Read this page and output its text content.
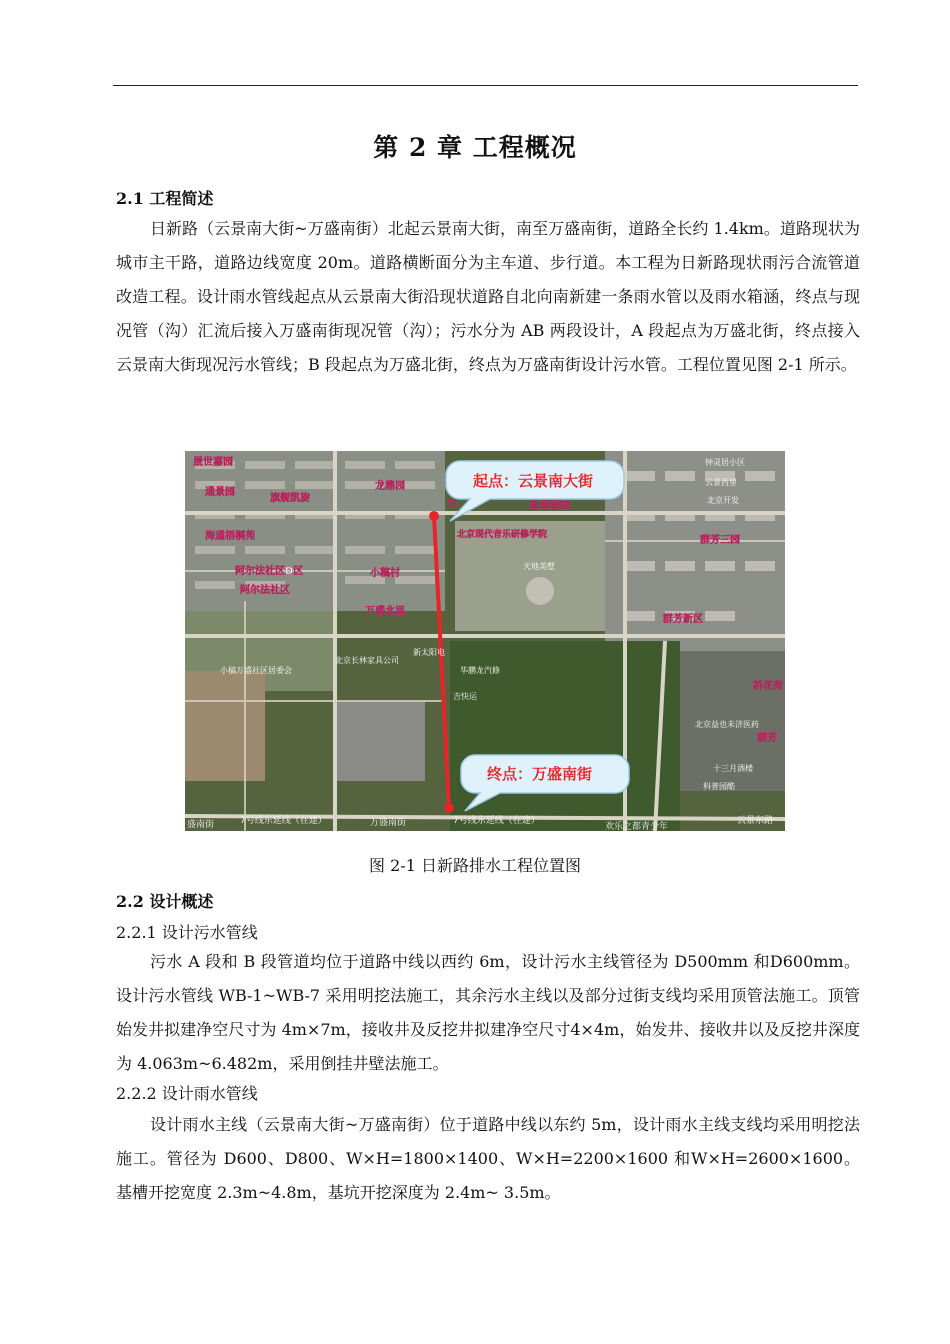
第 2 章 工程概况
2.1 工程简述

日新路（云景南大街~万盛南街）北起云景南大街，南至万盛南街，道路全长约 1.4km。道路现状为城市主干路，道路边线宽度 20m。道路横断面分为主车道、步行道。本工程为日新路现状雨污合流管道改造工程。设计雨水管线起点从云景南大街沿现状道路自北向南新建一条雨水管以及雨水箱涵，终点与现况管（沟）汇流后接入万盛南街现况管（沟）；污水分为 AB 两段设计，A 段起点为万盛北街，终点接入云景南大街现况污水管线；B 段起点为万盛北街，终点为万盛南街设计污水管。工程位置见图 2-1 所示。

起点：云景南大街
终点：万盛南街
晟世嘉园
通景园
旗舰凯旋
龙鼎园
九	新翠景园
北京现代音乐研修学院
海通梧桐苑	群芳三园
阿尔法社区D区	小稿村
阿尔法社区
万盛北里
群芳新区
桥花苑
群芳
天地美墅
新太阳电
华鹏龙汽修
吉快运
北京长林家具公司
小稿万盛社区居委会
北京益也未济医药
十三月酒楼
科普园酷
钟灵居小区
云景西里
北京开发
盛南街	7号线东延线（在建）	万盛南街	7号线东延线（在建）
欢乐之都青少年
云景东路
图 2-1 日新路排水工程位置图
2.2 设计概述
2.2.1 设计污水管线

污水 A 段和 B 段管道均位于道路中线以西约 6m，设计污水主线管径为 D500mm 和D600mm。设计污水管线 WB-1~WB-7 采用明挖法施工，其余污水主线以及部分过街支线均采用顶管法施工。顶管始发井拟建净空尺寸为 4m×7m，接收井及反挖井拟建净空尺寸4×4m，始发井、接收井以及反挖井深度为 4.063m~6.482m，采用倒挂井壁法施工。

2.2.2 设计雨水管线

设计雨水主线（云景南大街~万盛南街）位于道路中线以东约 5m，设计雨水主线支线均采用明挖法施工。管径为 D600、D800、W×H=1800×1400、W×H=2200×1600 和W×H=2600×1600。基槽开挖宽度 2.3m~4.8m，基坑开挖深度为 2.4m~ 3.5m。
